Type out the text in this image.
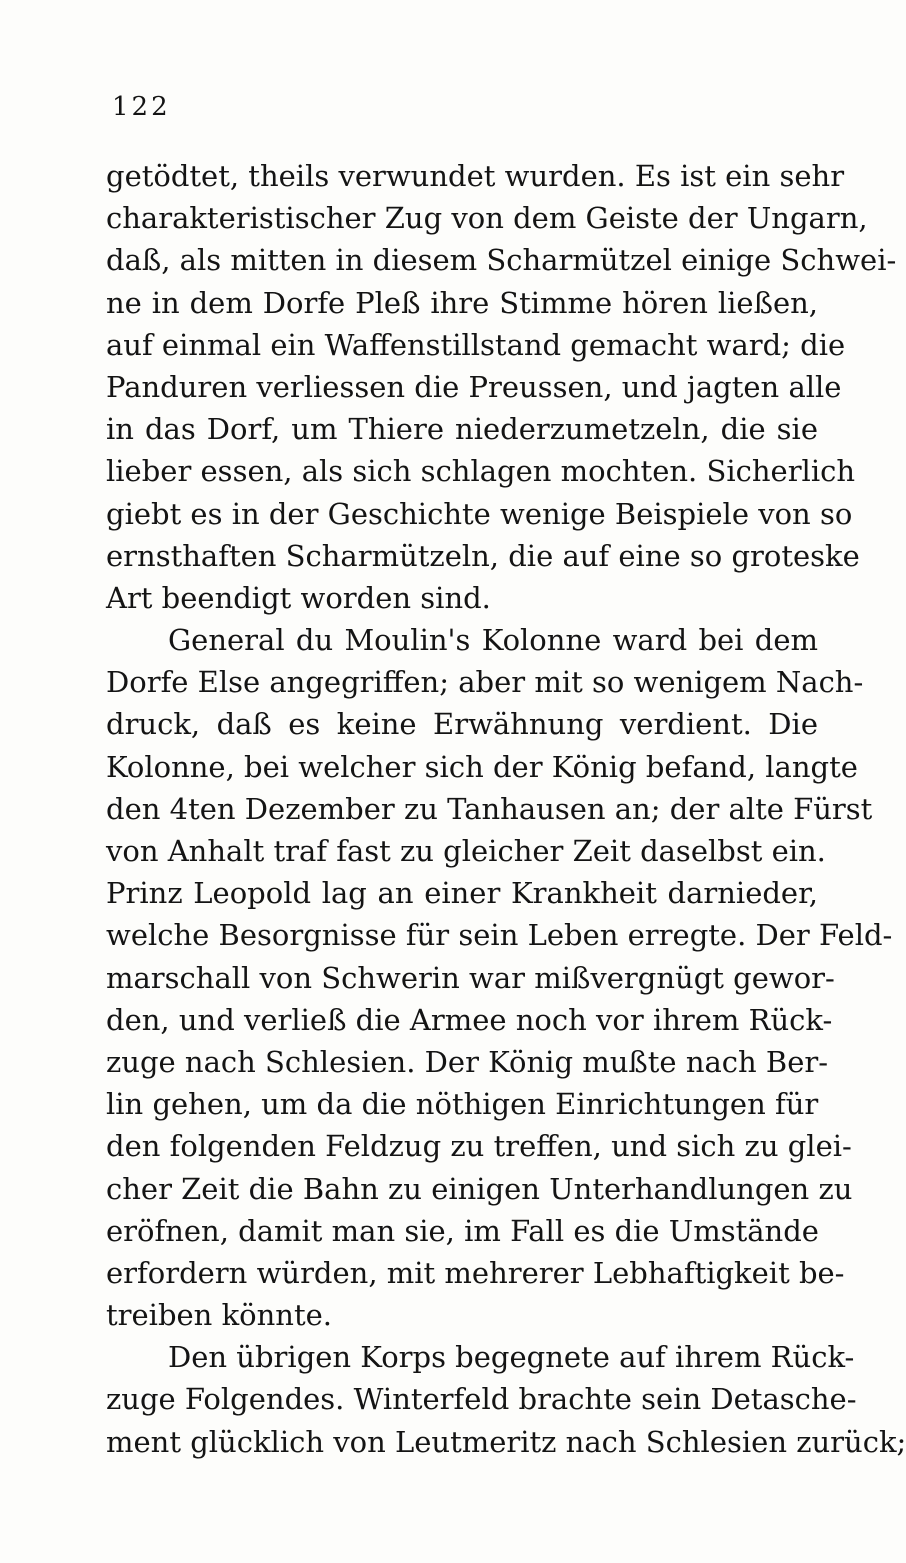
122
getödtet, theils verwundet wurden. Es ist ein sehr
charakteristischer Zug von dem Geiste der Ungarn,
daß, als mitten in diesem Scharmützel einige Schwei-
ne in dem Dorfe Pleß ihre Stimme hören ließen,
auf einmal ein Waffenstillstand gemacht ward; die
Panduren verliessen die Preussen, und jagten alle
in das Dorf, um Thiere niederzumetzeln, die sie
lieber essen, als sich schlagen mochten. Sicherlich
giebt es in der Geschichte wenige Beispiele von so
ernsthaften Scharmützeln, die auf eine so groteske
Art beendigt worden sind.
General du Moulin's Kolonne ward bei dem
Dorfe Else angegriffen; aber mit so wenigem Nach-
druck, daß es keine Erwähnung verdient. Die
Kolonne, bei welcher sich der König befand, langte
den 4ten Dezember zu Tanhausen an; der alte Fürst
von Anhalt traf fast zu gleicher Zeit daselbst ein.
Prinz Leopold lag an einer Krankheit darnieder,
welche Besorgnisse für sein Leben erregte. Der Feld-
marschall von Schwerin war mißvergnügt gewor-
den, und verließ die Armee noch vor ihrem Rück-
zuge nach Schlesien. Der König mußte nach Ber-
lin gehen, um da die nöthigen Einrichtungen für
den folgenden Feldzug zu treffen, und sich zu glei-
cher Zeit die Bahn zu einigen Unterhandlungen zu
eröfnen, damit man sie, im Fall es die Umstände
erfordern würden, mit mehrerer Lebhaftigkeit be-
treiben könnte.
Den übrigen Korps begegnete auf ihrem Rück-
zuge Folgendes. Winterfeld brachte sein Detasche-
ment glücklich von Leutmeritz nach Schlesien zurück;
